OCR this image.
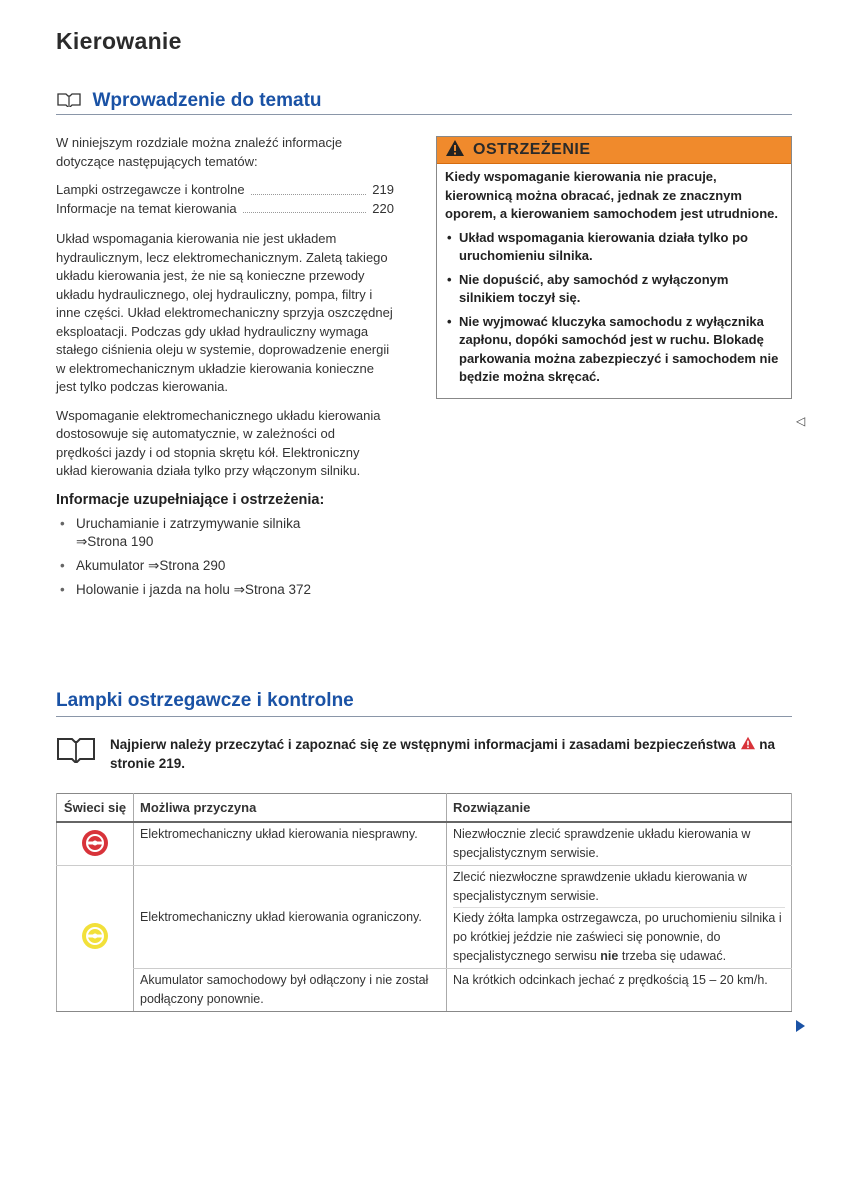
Kierowanie
Wprowadzenie do tematu

W niniejszym rozdziale można znaleźć informacje dotyczące następujących tematów:

Lampki ostrzegawcze i kontrolne	219
Informacje na temat kierowania	220

Układ wspomagania kierowania nie jest układem hydraulicznym, lecz elektromechanicznym. Zaletą takiego układu kierowania jest, że nie są konieczne przewody układu hydraulicznego, olej hydrauliczny, pompa, filtry i inne części. Układ elektromechaniczny sprzyja oszczędnej eksploatacji. Podczas gdy układ hydrauliczny wymaga stałego ciśnienia oleju w systemie, doprowadzenie energii w elektromechanicznym układzie kierowania konieczne jest tylko podczas kierowania.

Wspomaganie elektromechanicznego układu kierowania dostosowuje się automatycznie, w zależności od prędkości jazdy i od stopnia skrętu kół. Elektroniczny układ kierowania działa tylko przy włączonym silniku.

Informacje uzupełniające i ostrzeżenia:
• Uruchamianie i zatrzymywanie silnika
⇒Strona 190
• Akumulator ⇒Strona 290
• Holowanie i jazda na holu ⇒Strona 372
OSTRZEŻENIE

Kiedy wspomaganie kierowania nie pracuje, kierownicą można obracać, jednak ze znacznym oporem, a kierowaniem samochodem jest utrudnione.

• Układ wspomagania kierowania działa tylko po uruchomieniu silnika.

• Nie dopuścić, aby samochód z wyłączonym silnikiem toczył się.

• Nie wyjmować kluczyka samochodu z wyłącznika zapłonu, dopóki samochód jest w ruchu. Blokadę parkowania można zabezpieczyć i samochodem nie będzie można skręcać.

◁
Lampki ostrzegawcze i kontrolne
Najpierw należy przeczytać i zapoznać się ze wstępnymi informacjami i zasadami bezpieczeństwa na stronie 219.
Świeci się	Możliwa przyczyna	Rozwiązanie
	Elektromechaniczny układ kierowania niesprawny.	Niezwłocznie zlecić sprawdzenie układu kierowania w specjalistycznym serwisie.
	Elektromechaniczny układ kierowania ograniczony.	Zlecić niezwłoczne sprawdzenie układu kierowania w specjalistycznym serwisie.
Kiedy żółta lampka ostrzegawcza, po uruchomieniu silnika i po krótkiej jeździe nie zaświeci się ponownie, do specjalistycznego serwisu nie trzeba się udawać.
	Akumulator samochodowy był odłączony i nie został podłączony ponownie.	Na krótkich odcinkach jechać z prędkością 15 – 20 km/h.
